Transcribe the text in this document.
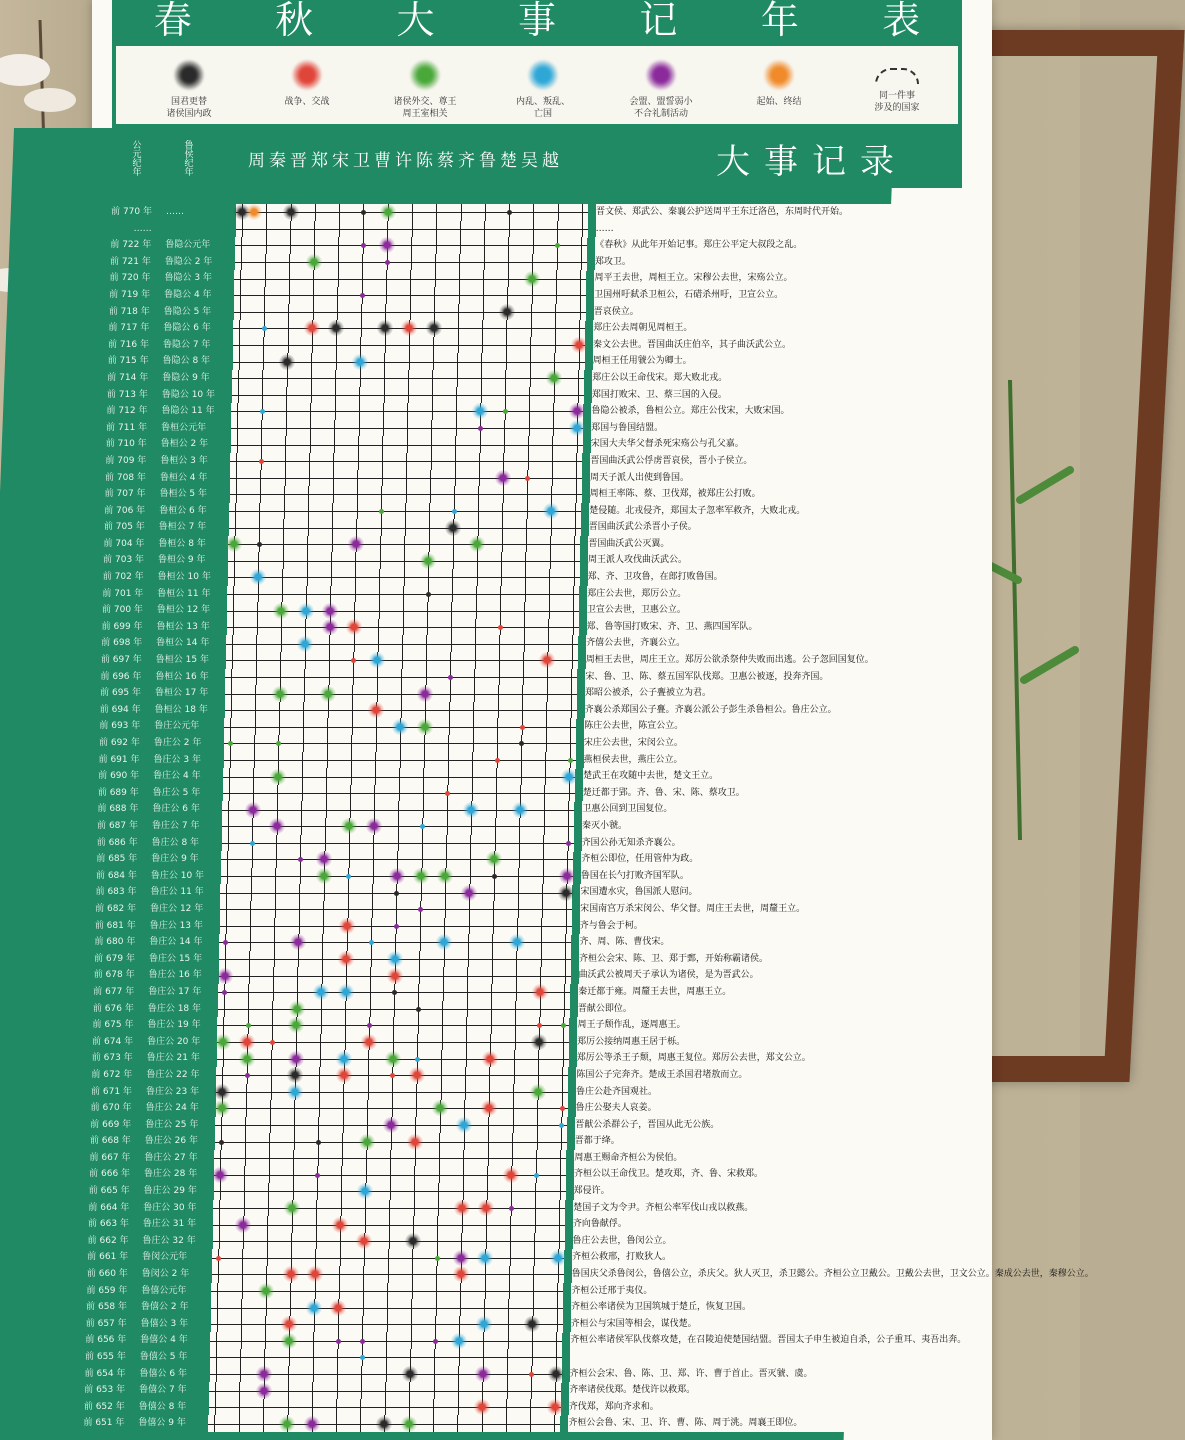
春 秋 大 事 记 年 表
国君更替
诸侯国内政
战争、交战	诸侯外交、尊王
周王室相关
内乱、叛乱、
亡国
会盟、盟誓弱小
不合礼制活动
起始、终结
同一件事
涉及的国家
公元纪年	鲁侯纪年	周 秦 晋 郑 宋 卫 曹 许 陈 蔡 齐 鲁 楚 吴 越	大事记录
前 770 年 ……	晋文侯、郑武公、秦襄公护送周平王东迁洛邑，东周时代开始。
……	……
前 722 年 鲁隐公元年	《春秋》从此年开始记事。郑庄公平定大叔段之乱。
前 721 年 鲁隐公 2 年	郑攻卫。
前 720 年 鲁隐公 3 年	周平王去世，周桓王立。宋穆公去世，宋殇公立。
前 719 年 鲁隐公 4 年	卫国州吁弑杀卫桓公，石碏杀州吁，卫宣公立。
前 718 年 鲁隐公 5 年	晋哀侯立。
前 717 年 鲁隐公 6 年	郑庄公去周朝见周桓王。
前 716 年 鲁隐公 7 年	秦文公去世。晋国曲沃庄伯卒，其子曲沃武公立。
前 715 年 鲁隐公 8 年	周桓王任用虢公为卿士。
前 714 年 鲁隐公 9 年	郑庄公以王命伐宋。郑大败北戎。
前 713 年 鲁隐公 10 年	郑国打败宋、卫、蔡三国的入侵。
前 712 年 鲁隐公 11 年	鲁隐公被杀，鲁桓公立。郑庄公伐宋，大败宋国。
前 711 年 鲁桓公元年	郑国与鲁国结盟。
前 710 年 鲁桓公 2 年	宋国大夫华父督杀死宋殇公与孔父嘉。
前 709 年 鲁桓公 3 年	晋国曲沃武公俘虏晋哀侯，晋小子侯立。
前 708 年 鲁桓公 4 年	周天子派人出使到鲁国。
前 707 年 鲁桓公 5 年	周桓王率陈、蔡、卫伐郑，被郑庄公打败。
前 706 年 鲁桓公 6 年	楚侵随。北戎侵齐，郑国太子忽率军救齐，大败北戎。
前 705 年 鲁桓公 7 年	晋国曲沃武公杀晋小子侯。
前 704 年 鲁桓公 8 年	晋国曲沃武公灭翼。
前 703 年 鲁桓公 9 年	周王派人攻伐曲沃武公。
前 702 年 鲁桓公 10 年	郑、齐、卫攻鲁，在郎打败鲁国。
前 701 年 鲁桓公 11 年	郑庄公去世，郑厉公立。
前 700 年 鲁桓公 12 年	卫宣公去世，卫惠公立。
前 699 年 鲁桓公 13 年	郑、鲁等国打败宋、齐、卫、燕四国军队。
前 698 年 鲁桓公 14 年	齐僖公去世，齐襄公立。
前 697 年 鲁桓公 15 年	周桓王去世，周庄王立。郑厉公欲杀祭仲失败而出逃。公子忽回国复位。
前 696 年 鲁桓公 16 年	宋、鲁、卫、陈、蔡五国军队伐郑。卫惠公被逐，投奔齐国。
前 695 年 鲁桓公 17 年	郑昭公被杀，公子亹被立为君。
前 694 年 鲁桓公 18 年	齐襄公杀郑国公子亹。齐襄公派公子彭生杀鲁桓公。鲁庄公立。
前 693 年 鲁庄公元年	陈庄公去世，陈宣公立。
前 692 年 鲁庄公 2 年	宋庄公去世，宋闵公立。
前 691 年 鲁庄公 3 年	燕桓侯去世，燕庄公立。
前 690 年 鲁庄公 4 年	楚武王在攻随中去世，楚文王立。
前 689 年 鲁庄公 5 年	楚迁都于郢。齐、鲁、宋、陈、蔡攻卫。
前 688 年 鲁庄公 6 年	卫惠公回到卫国复位。
前 687 年 鲁庄公 7 年	秦灭小虢。
前 686 年 鲁庄公 8 年	齐国公孙无知杀齐襄公。
前 685 年 鲁庄公 9 年	齐桓公即位，任用管仲为政。
前 684 年 鲁庄公 10 年	鲁国在长勺打败齐国军队。
前 683 年 鲁庄公 11 年	宋国遭水灾，鲁国派人慰问。
前 682 年 鲁庄公 12 年	宋国南宫万杀宋闵公、华父督。周庄王去世，周釐王立。
前 681 年 鲁庄公 13 年	齐与鲁会于柯。
前 680 年 鲁庄公 14 年	齐、周、陈、曹伐宋。
前 679 年 鲁庄公 15 年	齐桓公会宋、陈、卫、郑于鄄，开始称霸诸侯。
前 678 年 鲁庄公 16 年	曲沃武公被周天子承认为诸侯，是为晋武公。
前 677 年 鲁庄公 17 年	秦迁都于雍。周釐王去世，周惠王立。
前 676 年 鲁庄公 18 年	晋献公即位。
前 675 年 鲁庄公 19 年	周王子颓作乱，逐周惠王。
前 674 年 鲁庄公 20 年	郑厉公接纳周惠王居于栎。
前 673 年 鲁庄公 21 年	郑厉公等杀王子颓，周惠王复位。郑厉公去世，郑文公立。
前 672 年 鲁庄公 22 年	陈国公子完奔齐。楚成王杀国君堵敖而立。
前 671 年 鲁庄公 23 年	鲁庄公赴齐国观社。
前 670 年 鲁庄公 24 年	鲁庄公娶夫人哀姜。
前 669 年 鲁庄公 25 年	晋献公杀群公子，晋国从此无公族。
前 668 年 鲁庄公 26 年	晋都于绛。
前 667 年 鲁庄公 27 年	周惠王赐命齐桓公为侯伯。
前 666 年 鲁庄公 28 年	齐桓公以王命伐卫。楚攻郑，齐、鲁、宋救郑。
前 665 年 鲁庄公 29 年	郑侵许。
前 664 年 鲁庄公 30 年	楚国子文为令尹。齐桓公率军伐山戎以救燕。
前 663 年 鲁庄公 31 年	齐向鲁献俘。
前 662 年 鲁庄公 32 年	鲁庄公去世，鲁闵公立。
前 661 年 鲁闵公元年	齐桓公救邢，打败狄人。
前 660 年 鲁闵公 2 年	鲁国庆父杀鲁闵公，鲁僖公立，杀庆父。狄人灭卫，杀卫懿公。齐桓公立卫戴公。卫戴公去世，卫文公立。秦成公去世，秦穆公立。
前 659 年 鲁僖公元年	齐桓公迁邢于夷仪。
前 658 年 鲁僖公 2 年	齐桓公率诸侯为卫国筑城于楚丘，恢复卫国。
前 657 年 鲁僖公 3 年	齐桓公与宋国等相会，谋伐楚。
前 656 年 鲁僖公 4 年	齐桓公率诸侯军队伐蔡攻楚，在召陵迫使楚国结盟。晋国太子申生被迫自杀，公子重耳、夷吾出奔。
前 655 年 鲁僖公 5 年
前 654 年 鲁僖公 6 年	齐桓公会宋、鲁、陈、卫、郑、许、曹于首止。晋灭虢、虞。
前 653 年 鲁僖公 7 年	齐率诸侯伐郑。楚伐许以救郑。
前 652 年 鲁僖公 8 年	齐伐郑，郑向齐求和。
前 651 年 鲁僖公 9 年	齐桓公会鲁、宋、卫、许、曹、陈、周于洮。周襄王即位。
